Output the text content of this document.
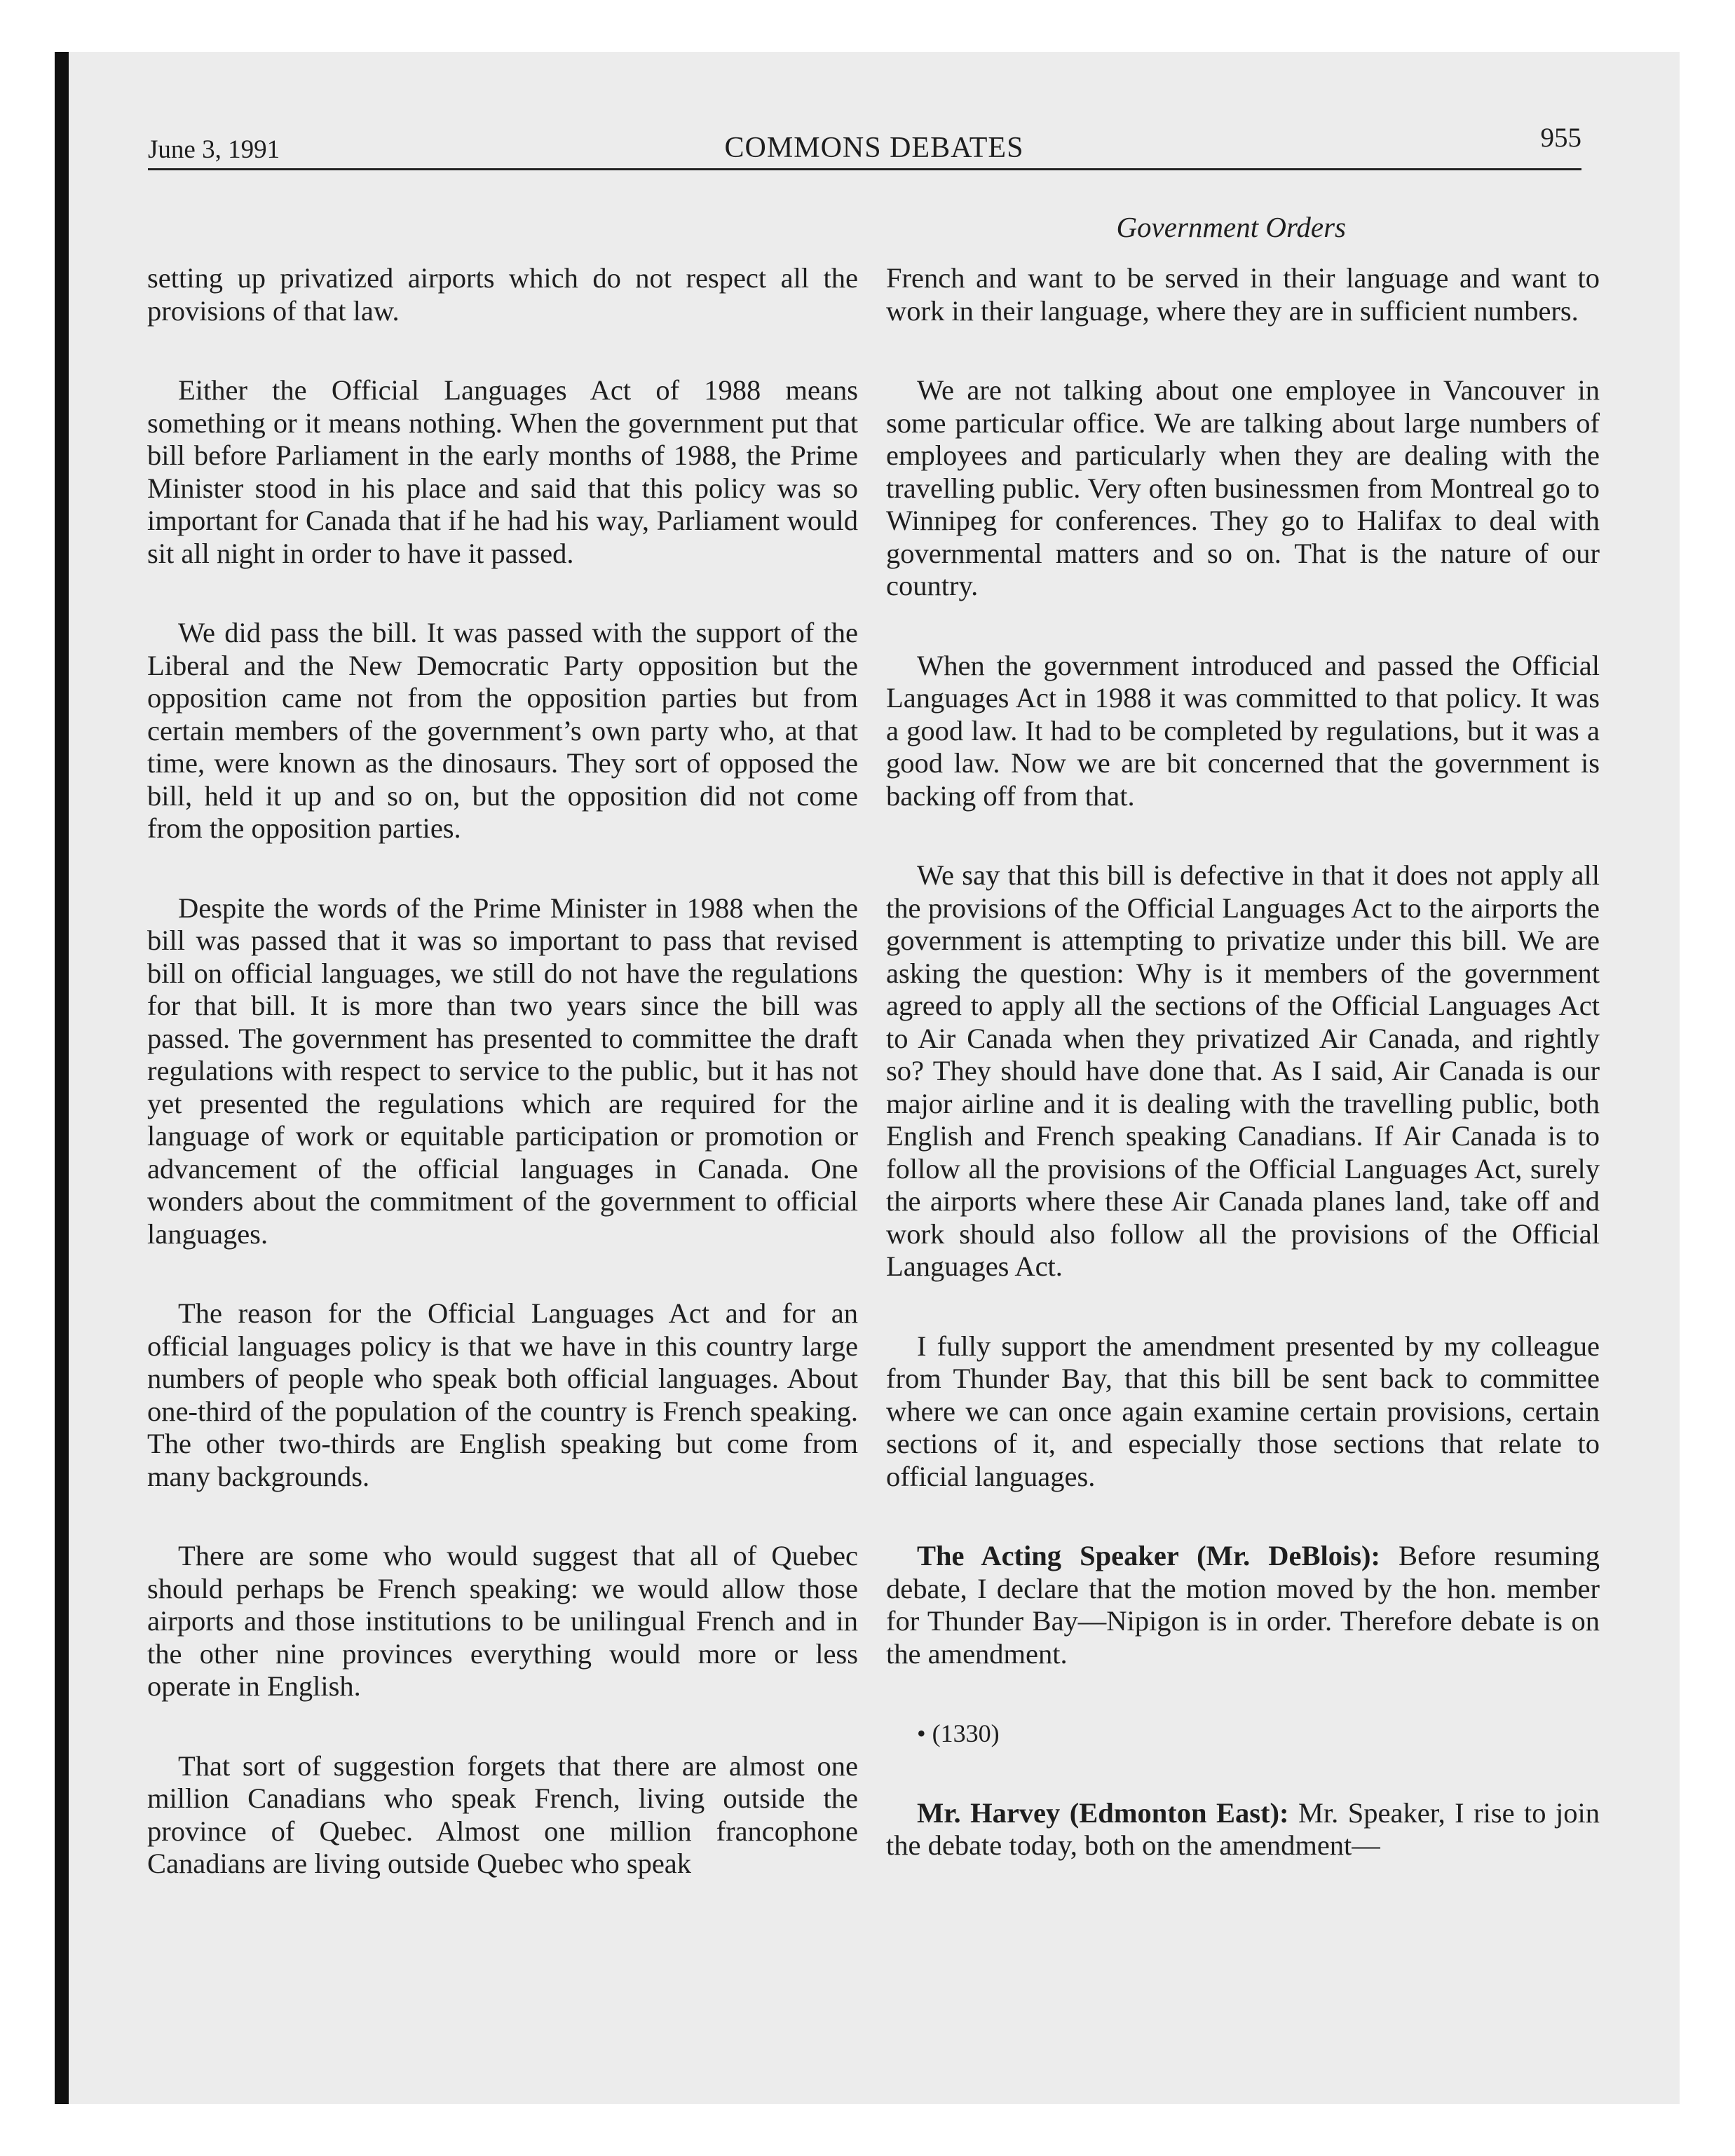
June 3, 1991	COMMONS DEBATES	955
Government Orders

setting up privatized airports which do not respect all the provisions of that law.

Either the Official Languages Act of 1988 means something or it means nothing. When the government put that bill before Parliament in the early months of 1988, the Prime Minister stood in his place and said that this policy was so important for Canada that if he had his way, Parliament would sit all night in order to have it passed.

We did pass the bill. It was passed with the support of the Liberal and the New Democratic Party opposition but the opposition came not from the opposition parties but from certain members of the government’s own party who, at that time, were known as the dinosaurs. They sort of opposed the bill, held it up and so on, but the opposition did not come from the opposition parties.

Despite the words of the Prime Minister in 1988 when the bill was passed that it was so important to pass that revised bill on official languages, we still do not have the regulations for that bill. It is more than two years since the bill was passed. The government has presented to committee the draft regulations with respect to service to the public, but it has not yet presented the regulations which are required for the language of work or equitable participation or promotion or advancement of the official languages in Canada. One wonders about the commitment of the government to official languages.

The reason for the Official Languages Act and for an official languages policy is that we have in this country large numbers of people who speak both official languages. About one-third of the population of the country is French speaking. The other two-thirds are English speaking but come from many backgrounds.

There are some who would suggest that all of Quebec should perhaps be French speaking: we would allow those airports and those institutions to be unilingual French and in the other nine provinces everything would more or less operate in English.

That sort of suggestion forgets that there are almost one million Canadians who speak French, living outside the province of Quebec. Almost one million francophone Canadians are living outside Quebec who speak

French and want to be served in their language and want to work in their language, where they are in sufficient numbers.

We are not talking about one employee in Vancouver in some particular office. We are talking about large numbers of employees and particularly when they are dealing with the travelling public. Very often businessmen from Montreal go to Winnipeg for conferences. They go to Halifax to deal with governmental matters and so on. That is the nature of our country.

When the government introduced and passed the Official Languages Act in 1988 it was committed to that policy. It was a good law. It had to be completed by regulations, but it was a good law. Now we are bit concerned that the government is backing off from that.

We say that this bill is defective in that it does not apply all the provisions of the Official Languages Act to the airports the government is attempting to privatize under this bill. We are asking the question: Why is it members of the government agreed to apply all the sections of the Official Languages Act to Air Canada when they privatized Air Canada, and rightly so? They should have done that. As I said, Air Canada is our major airline and it is dealing with the travelling public, both English and French speaking Canadians. If Air Canada is to follow all the provisions of the Official Languages Act, surely the airports where these Air Canada planes land, take off and work should also follow all the provisions of the Official Languages Act.

I fully support the amendment presented by my colleague from Thunder Bay, that this bill be sent back to committee where we can once again examine certain provisions, certain sections of it, and especially those sections that relate to official languages.

The Acting Speaker (Mr. DeBlois): Before resuming debate, I declare that the motion moved by the hon. member for Thunder Bay—Nipigon is in order. Therefore debate is on the amendment.

• (1330)

Mr. Harvey (Edmonton East): Mr. Speaker, I rise to join the debate today, both on the amendment—
